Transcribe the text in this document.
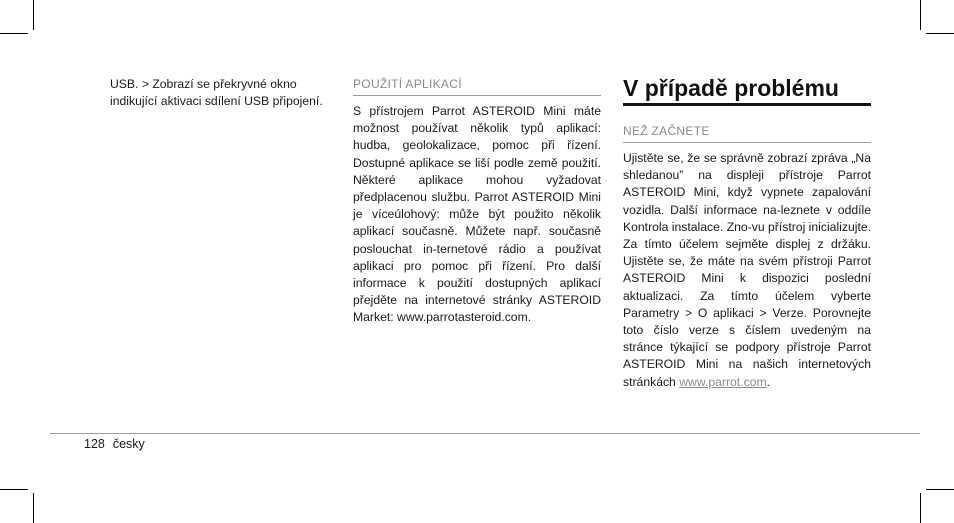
USB. > Zobrazí se překryvné okno indikující aktivaci sdílení USB připojení.
POUŽITÍ APLIKACÍ
S přístrojem Parrot ASTEROID Mini máte možnost používat několik typů aplikací: hudba, geolokalizace, pomoc při řízení. Dostupné aplikace se liší podle země použití. Některé aplikace mohou vyžadovat předplacenou službu. Parrot ASTEROID Mini je víceúlohový: může být použito několik aplikací současně. Můžete např. současně poslouchat in-ternetové rádio a používat aplikaci pro pomoc při řízení. Pro další informace k použití dostupných aplikací přejděte na internetové stránky ASTEROID Market: www.parrotasteroid.com.
V případě problému
NEŽ ZAČNETE
Ujistěte se, že se správně zobrazí zpráva „Na shledanou” na displeji přístroje Parrot ASTEROID Mini, když vypnete zapalování vozidla. Další informace na-leznete v oddíle Kontrola instalace. Zno-vu přístroj inicializujte. Za tímto účelem sejměte displej z držáku. Ujistěte se, že máte na svém přístroji Parrot ASTEROID Mini k dispozici poslední aktualizaci. Za tímto účelem vyberte Parametry > O aplikaci > Verze. Porovnejte toto číslo verze s číslem uvedeným na stránce týkající se podpory přístroje Parrot ASTEROID Mini na našich internetových stránkách www.parrot.com.
128 česky
